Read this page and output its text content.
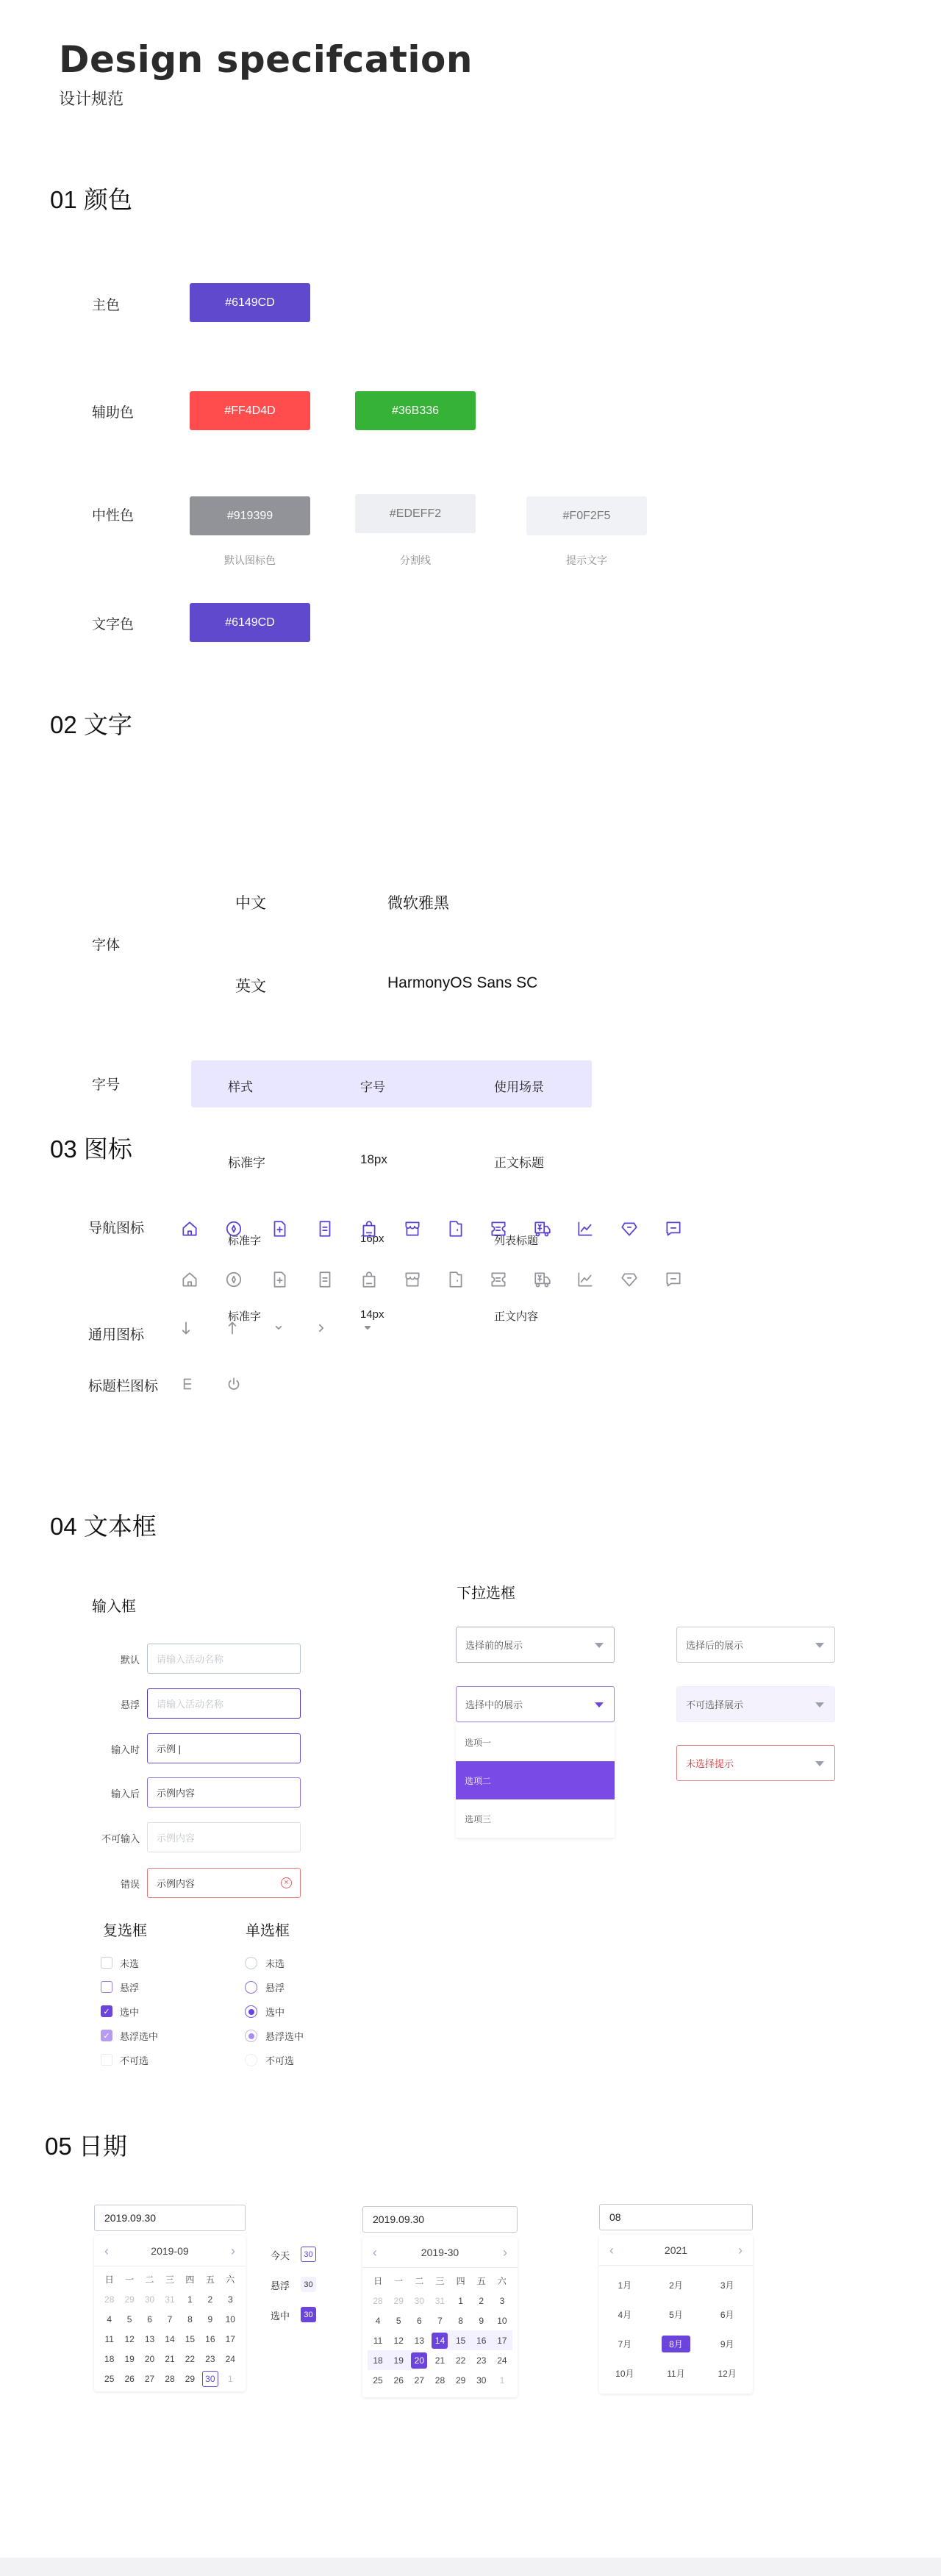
Design specifcation
设计规范
01 颜色
主色	#6149CD
辅助色	#FF4D4D	#36B336
中性色	#919399	#EDEFF2	#F0F2F5
默认图标色	分割线	提示文字
文字色	#6149CD
02 文字
字体
中文	微软雅黑
英文	HarmonyOS Sans SC
字号	样式	字号	使用场景
标准字	18px	正文标题
标准字	16px	列表标题
标准字	14px	正文内容
03 图标
导航图标
通用图标
标题栏图标
04 文本框
输入框
默认	请输入活动名称
悬浮	请输入活动名称
输入时	示例 |
输入后	示例内容
不可输入	示例内容
错误	示例内容	×
下拉选框
选择前的展示	选择后的展示
选择中的展示	不可选择展示
未选择提示
选项一
选项二
选项三
复选框	单选框
未选	未选
悬浮	悬浮
✓ 选中	选中
✓ 悬浮选中	悬浮选中
不可选	不可选
05 日期
2019.09.30
‹	2019-09	›
日	一	二	三	四	五	六
28	29	30	31	1	2	3
4	5	6	7	8	9	10
11	12	13	14	15	16	17
18	19	20	21	22	23	24
25	26	27	28	29	30	1
2019.09.30
‹	2019-30	›
日	一	二	三	四	五	六
28	29	30	31	1	2	3
4	5	6	7	8	9	10
11	12	13	14	15	16	17
18	19	20	21	22	23	24
25	26	27	28	29	30	1
08
‹	2021	›
1月	2月	3月
4月	5月	6月
7月	8月	9月
10月	11月	12月
今天	30
悬浮	30
选中	30
